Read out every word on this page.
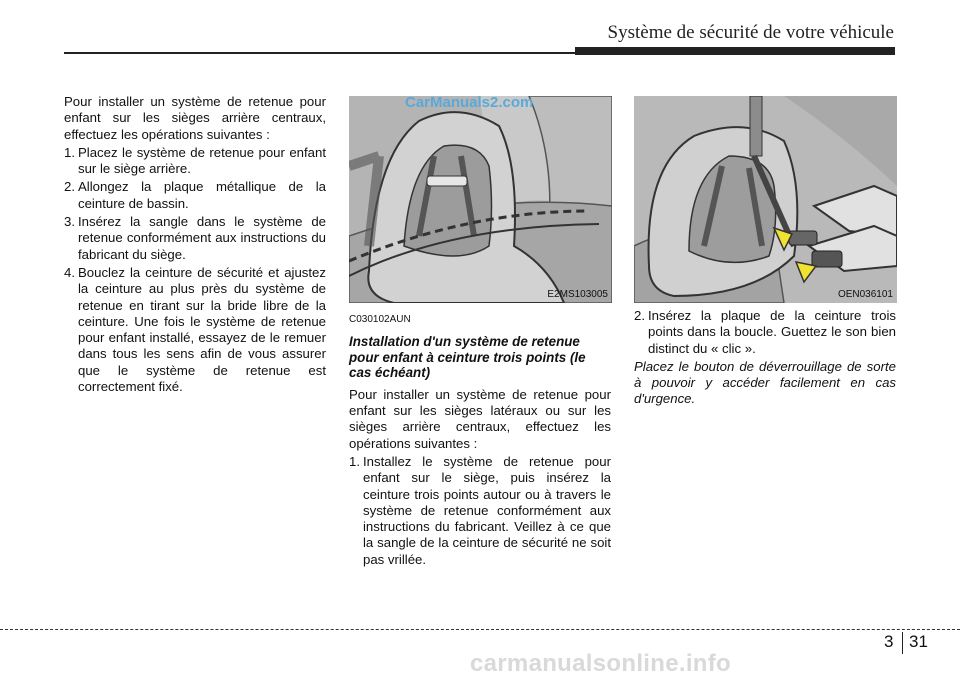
Système de sécurité de votre véhicule

Pour installer un système de retenue pour enfant sur les sièges arrière centraux, effectuez les opérations suivantes :

1. Placez le système de retenue pour enfant sur le siège arrière.
2. Allongez la plaque métallique de la ceinture de bassin.
3. Insérez la sangle dans le système de retenue conformément aux instructions du fabricant du siège.
4. Bouclez la ceinture de sécurité et ajustez la ceinture au plus près du système de retenue en tirant sur la bride libre de la ceinture. Une fois le système de retenue pour enfant installé, essayez de le remuer dans tous les sens afin de vous assurer que le système de retenue est correctement fixé.
CarManuals2.com
E2MS103005	OEN036101

C030102AUN

Installation d'un système de retenue pour enfant à ceinture trois points (le cas échéant)

Pour installer un système de retenue pour enfant sur les sièges latéraux ou sur les sièges arrière centraux, effectuez les opérations suivantes :

1. Installez le système de retenue pour enfant sur le siège, puis insérez la ceinture trois points autour ou à travers le système de retenue conformément aux instructions du fabricant. Veillez à ce que la sangle de la ceinture de sécurité ne soit pas vrillée.
2. Insérez la plaque de la ceinture trois points dans la boucle. Guettez le son bien distinct du « clic ».

Placez le bouton de déverrouillage de sorte à pouvoir y accéder facilement en cas d'urgence.

3 31
carmanualsonline.info
